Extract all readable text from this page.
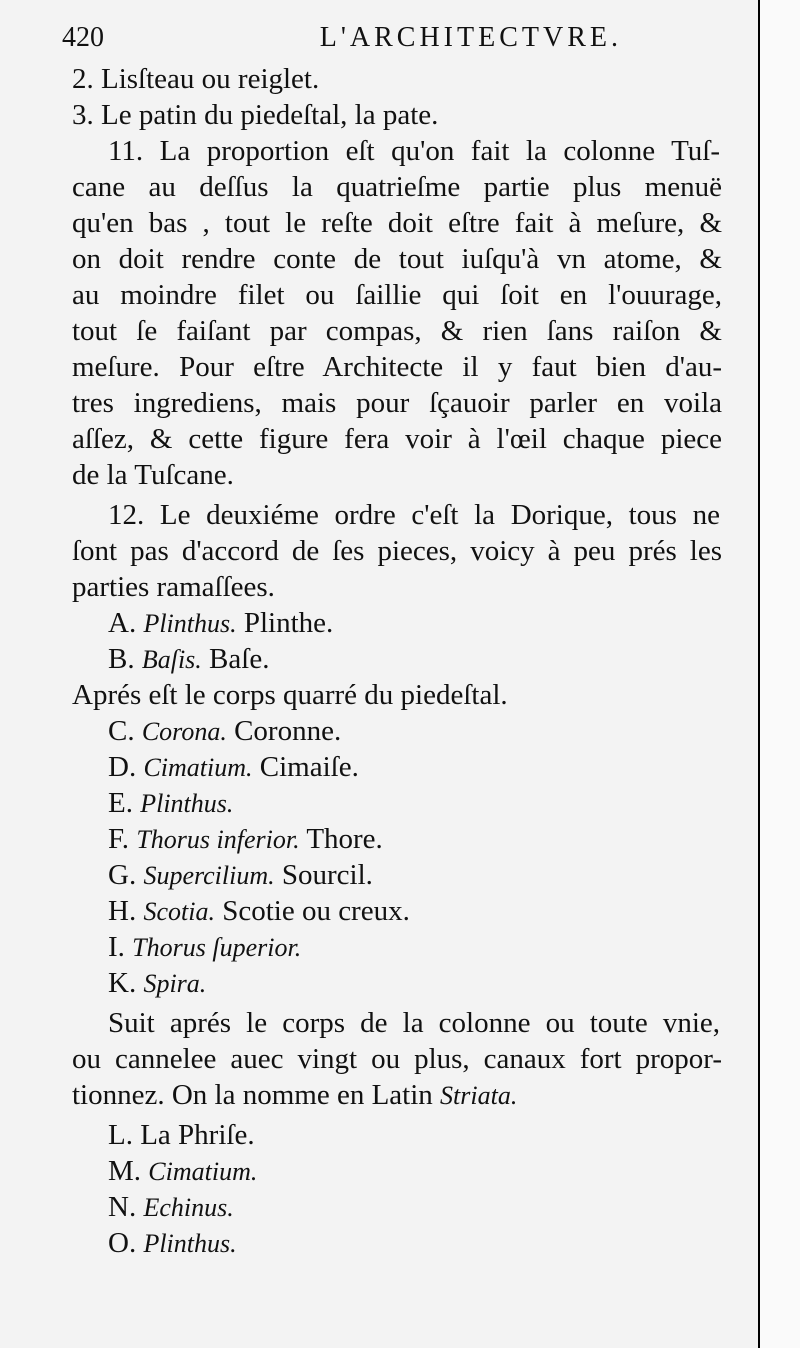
420	L'ARCHITECTVRE.
2. Lisſteau ou reiglet.
3. Le patin du piedeſtal, la pate.
11. La proportion eſt qu'on fait la colonne Tuſ-
cane au deſſus la quatrieſme partie plus menuë
qu'en bas , tout le reſte doit eſtre fait à meſure, &
on doit rendre conte de tout iuſqu'à vn atome, &
au moindre filet ou ſaillie qui ſoit en l'ouurage,
tout ſe faiſant par compas, & rien ſans raiſon &
meſure. Pour eſtre Architecte il y faut bien d'au-
tres ingrediens, mais pour ſçauoir parler en voila
aſſez, & cette figure fera voir à l'œil chaque piece
de la Tuſcane.
12. Le deuxiéme ordre c'eſt la Dorique, tous ne
ſont pas d'accord de ſes pieces, voicy à peu prés les
parties ramaſſees.
A. Plinthus. Plinthe.
B. Baſis. Baſe.
Aprés eſt le corps quarré du piedeſtal.
C. Corona. Coronne.
D. Cimatium. Cimaiſe.
E. Plinthus.
F. Thorus inferior. Thore.
G. Supercilium. Sourcil.
H. Scotia. Scotie ou creux.
I. Thorus ſuperior.
K. Spira.
Suit aprés le corps de la colonne ou toute vnie,
ou cannelee auec vingt ou plus, canaux fort propor-
tionnez. On la nomme en Latin Striata.
L. La Phriſe.
M. Cimatium.
N. Echinus.
O. Plinthus.
